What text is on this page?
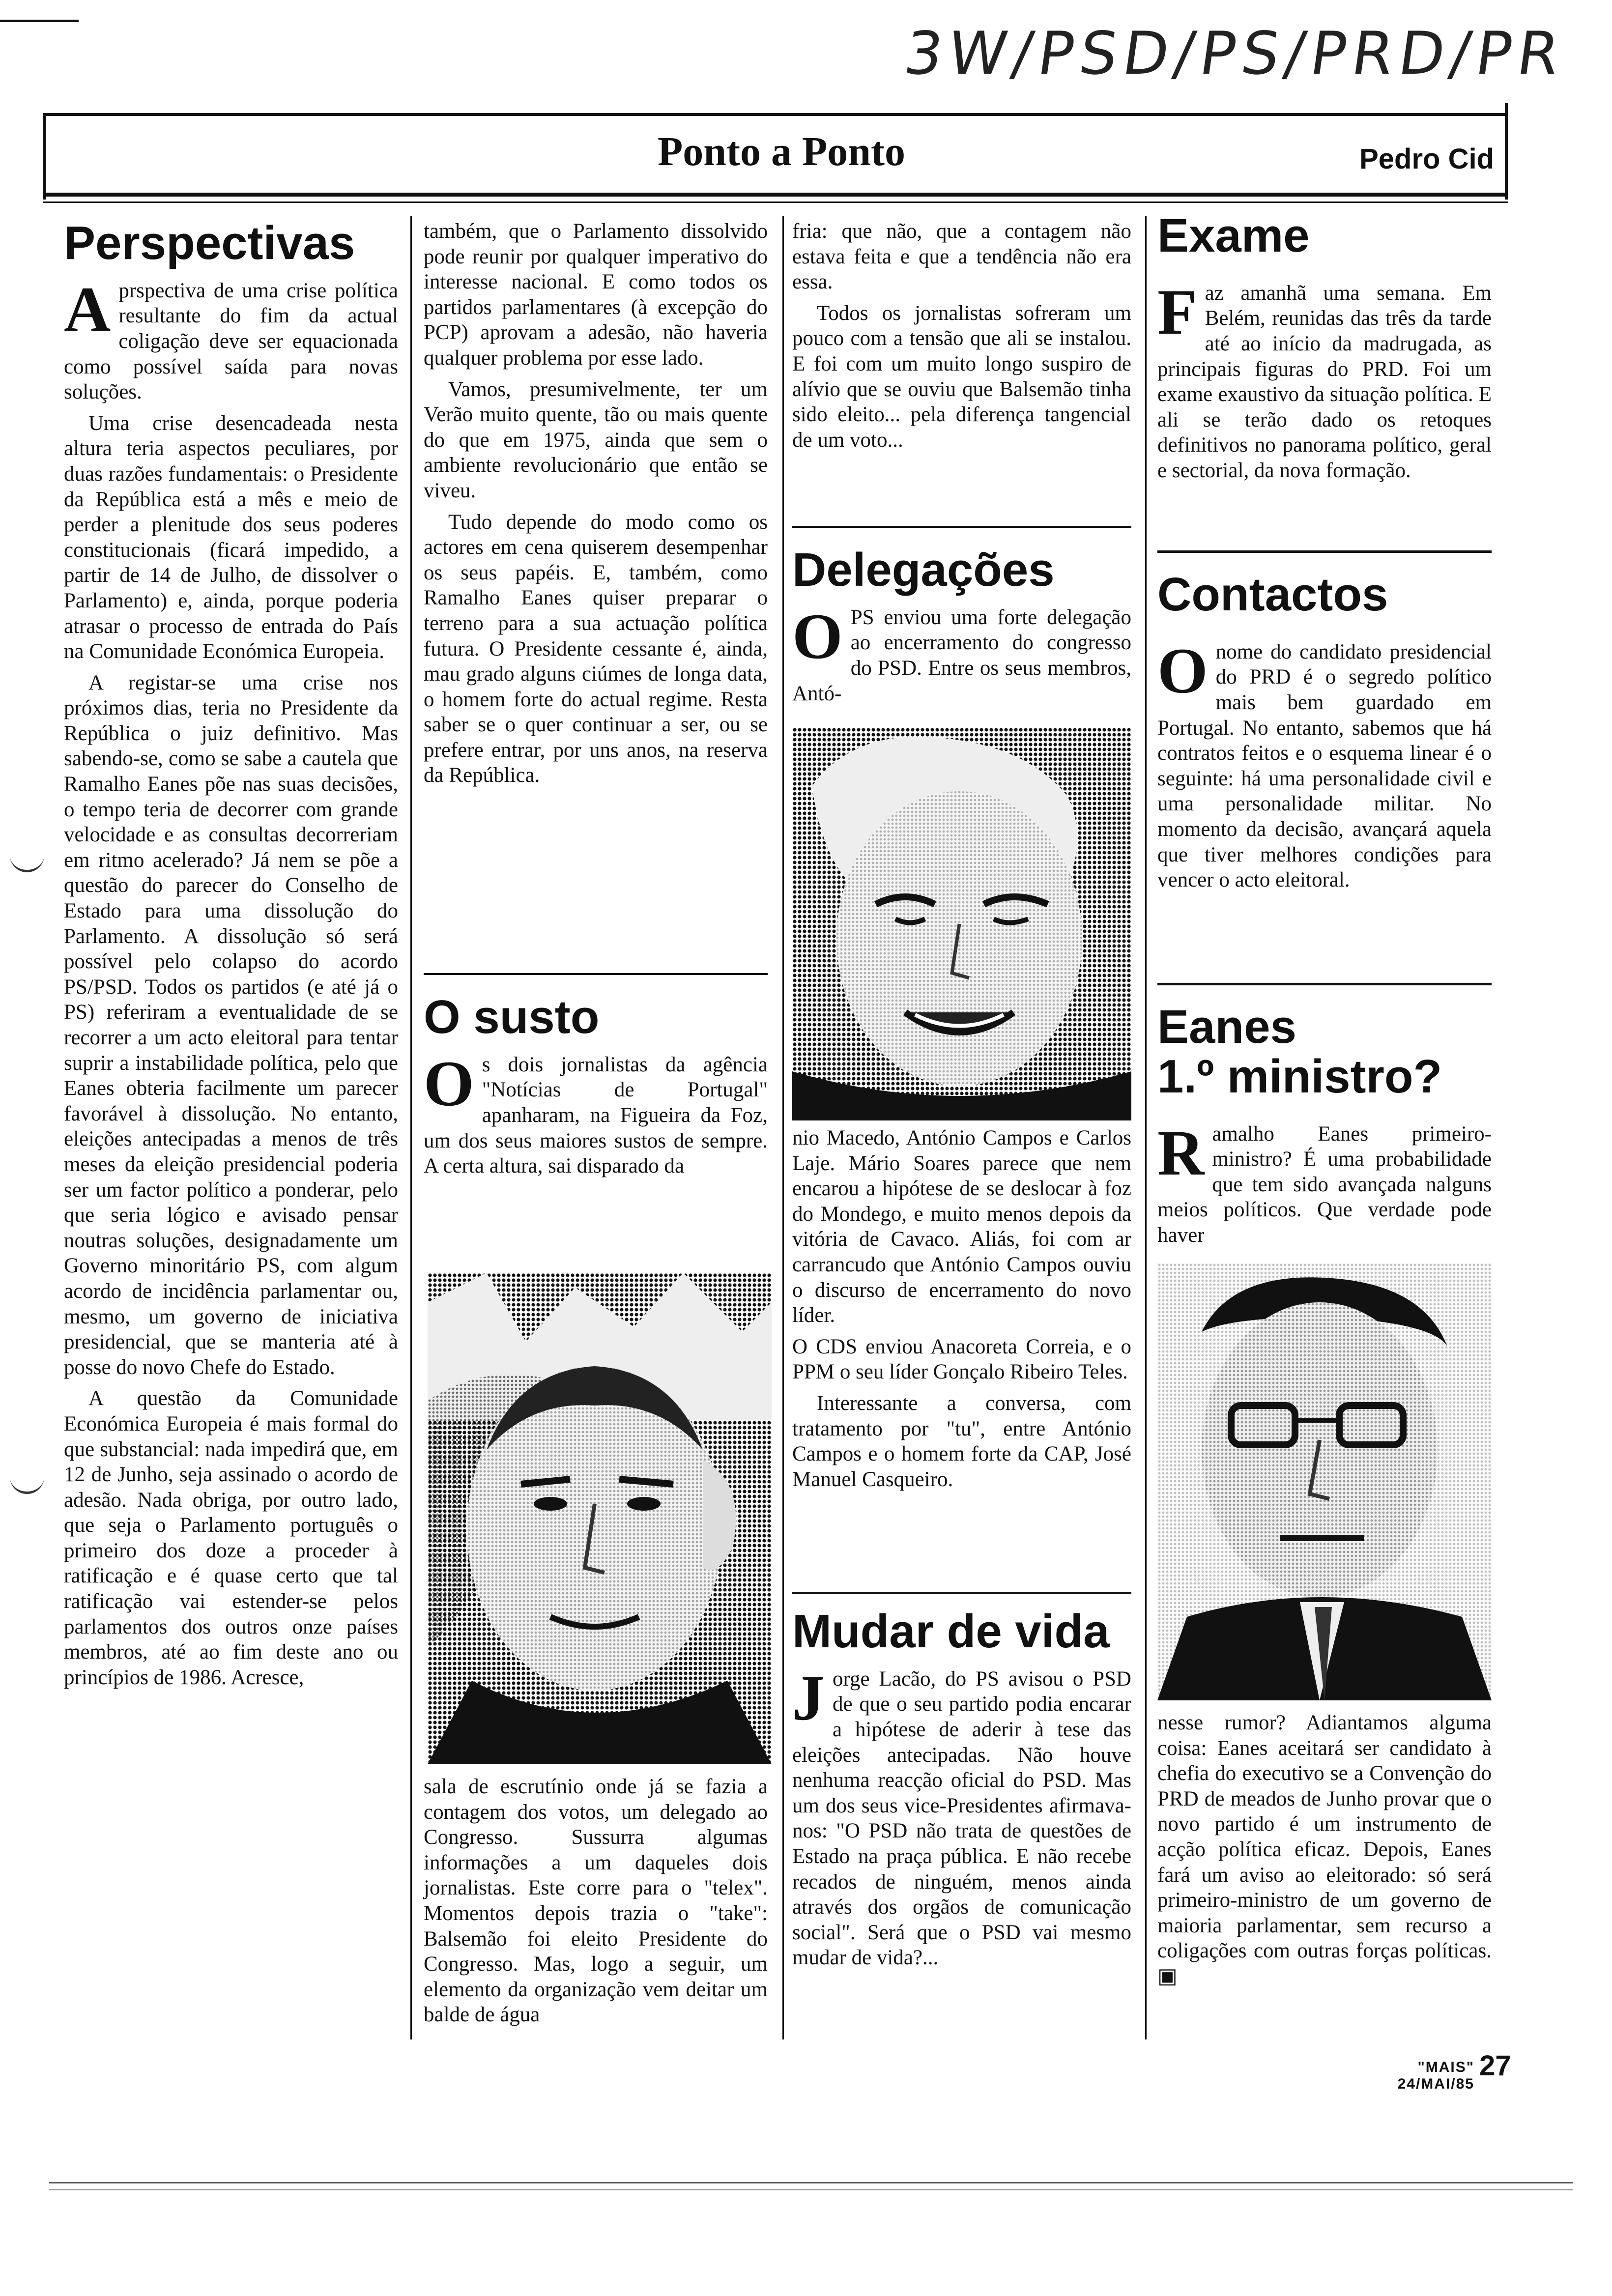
3W/PSD/PS/PRD/PR
Ponto a Ponto	Pedro Cid
Perspectivas

A prspectiva de uma crise política resultante do fim da actual coligação deve ser equacionada como possível saída para novas soluções.

Uma crise desencadeada nesta altura teria aspectos peculiares, por duas razões fundamentais: o Presidente da República está a mês e meio de perder a plenitude dos seus poderes constitucionais (ficará impedido, a partir de 14 de Julho, de dissolver o Parlamento) e, ainda, porque poderia atrasar o processo de entrada do País na Comunidade Económica Europeia.

A registar-se uma crise nos próximos dias, teria no Presidente da República o juiz definitivo. Mas sabendo-se, como se sabe a cautela que Ramalho Eanes põe nas suas decisões, o tempo teria de decorrer com grande velocidade e as consultas decorreriam em ritmo acelerado? Já nem se põe a questão do parecer do Conselho de Estado para uma dissolução do Parlamento. A dissolução só será possível pelo colapso do acordo PS/PSD. Todos os partidos (e até já o PS) referiram a eventualidade de se recorrer a um acto eleitoral para tentar suprir a instabilidade política, pelo que Eanes obteria facilmente um parecer favorável à dissolução. No entanto, eleições antecipadas a menos de três meses da eleição presidencial poderia ser um factor político a ponderar, pelo que seria lógico e avisado pensar noutras soluções, designadamente um Governo minoritário PS, com algum acordo de incidência parlamentar ou, mesmo, um governo de iniciativa presidencial, que se manteria até à posse do novo Chefe do Estado.

A questão da Comunidade Económica Europeia é mais formal do que substancial: nada impedirá que, em 12 de Junho, seja assinado o acordo de adesão. Nada obriga, por outro lado, que seja o Parlamento português o primeiro dos doze a proceder à ratificação e é quase certo que tal ratificação vai estender-se pelos parlamentos dos outros onze países membros, até ao fim deste ano ou princípios de 1986. Acresce,

também, que o Parlamento dissolvido pode reunir por qualquer imperativo do interesse nacional. E como todos os partidos parlamentares (à excepção do PCP) aprovam a adesão, não haveria qualquer problema por esse lado.

Vamos, presumivelmente, ter um Verão muito quente, tão ou mais quente do que em 1975, ainda que sem o ambiente revolucionário que então se viveu.

Tudo depende do modo como os actores em cena quiserem desempenhar os seus papéis. E, também, como Ramalho Eanes quiser preparar o terreno para a sua actuação política futura. O Presidente cessante é, ainda, mau grado alguns ciúmes de longa data, o homem forte do actual regime. Resta saber se o quer continuar a ser, ou se prefere entrar, por uns anos, na reserva da República.

O susto

O s dois jornalistas da agência "Notícias de Portugal" apanharam, na Figueira da Foz, um dos seus maiores sustos de sempre. A certa altura, sai disparado da

sala de escrutínio onde já se fazia a contagem dos votos, um delegado ao Congresso. Sussurra algumas informações a um daqueles dois jornalistas. Este corre para o "telex". Momentos depois trazia o "take": Balsemão foi eleito Presidente do Congresso. Mas, logo a seguir, um elemento da organização vem deitar um balde de água

fria: que não, que a contagem não estava feita e que a tendência não era essa.

Todos os jornalistas sofreram um pouco com a tensão que ali se instalou. E foi com um muito longo suspiro de alívio que se ouviu que Balsemão tinha sido eleito... pela diferença tangencial de um voto...

Delegações

O PS enviou uma forte delegação ao encerramento do congresso do PSD. Entre os seus membros, Antó-

nio Macedo, António Campos e Carlos Laje. Mário Soares parece que nem encarou a hipótese de se deslocar à foz do Mondego, e muito menos depois da vitória de Cavaco. Aliás, foi com ar carrancudo que António Campos ouviu o discurso de encerramento do novo líder.

O CDS enviou Anacoreta Correia, e o PPM o seu líder Gonçalo Ribeiro Teles.

Interessante a conversa, com tratamento por "tu", entre António Campos e o homem forte da CAP, José Manuel Casqueiro.

Mudar de vida

J orge Lacão, do PS avisou o PSD de que o seu partido podia encarar a hipótese de aderir à tese das eleições antecipadas. Não houve nenhuma reacção oficial do PSD. Mas um dos seus vice-Presidentes afirmava-nos: "O PSD não trata de questões de Estado na praça pública. E não recebe recados de ninguém, menos ainda através dos orgãos de comunicação social". Será que o PSD vai mesmo mudar de vida?...

Exame

F az amanhã uma semana. Em Belém, reunidas das três da tarde até ao início da madrugada, as principais figuras do PRD. Foi um exame exaustivo da situação política. E ali se terão dado os retoques definitivos no panorama político, geral e sectorial, da nova formação.

Contactos

O nome do candidato presidencial do PRD é o segredo político mais bem guardado em Portugal. No entanto, sabemos que há contratos feitos e o esquema linear é o seguinte: há uma personalidade civil e uma personalidade militar. No momento da decisão, avançará aquela que tiver melhores condições para vencer o acto eleitoral.

Eanes
1.º ministro?

R amalho Eanes primeiro-ministro? É uma probabilidade que tem sido avançada nalguns meios políticos. Que verdade pode haver

nesse rumor? Adiantamos alguma coisa: Eanes aceitará ser candidato à chefia do executivo se a Convenção do PRD de meados de Junho provar que o novo partido é um instrumento de acção política eficaz. Depois, Eanes fará um aviso ao eleitorado: só será primeiro-ministro de um governo de maioria parlamentar, sem recurso a coligações com outras forças políticas. ▣

"MAIS" 24/MAI/85
27
